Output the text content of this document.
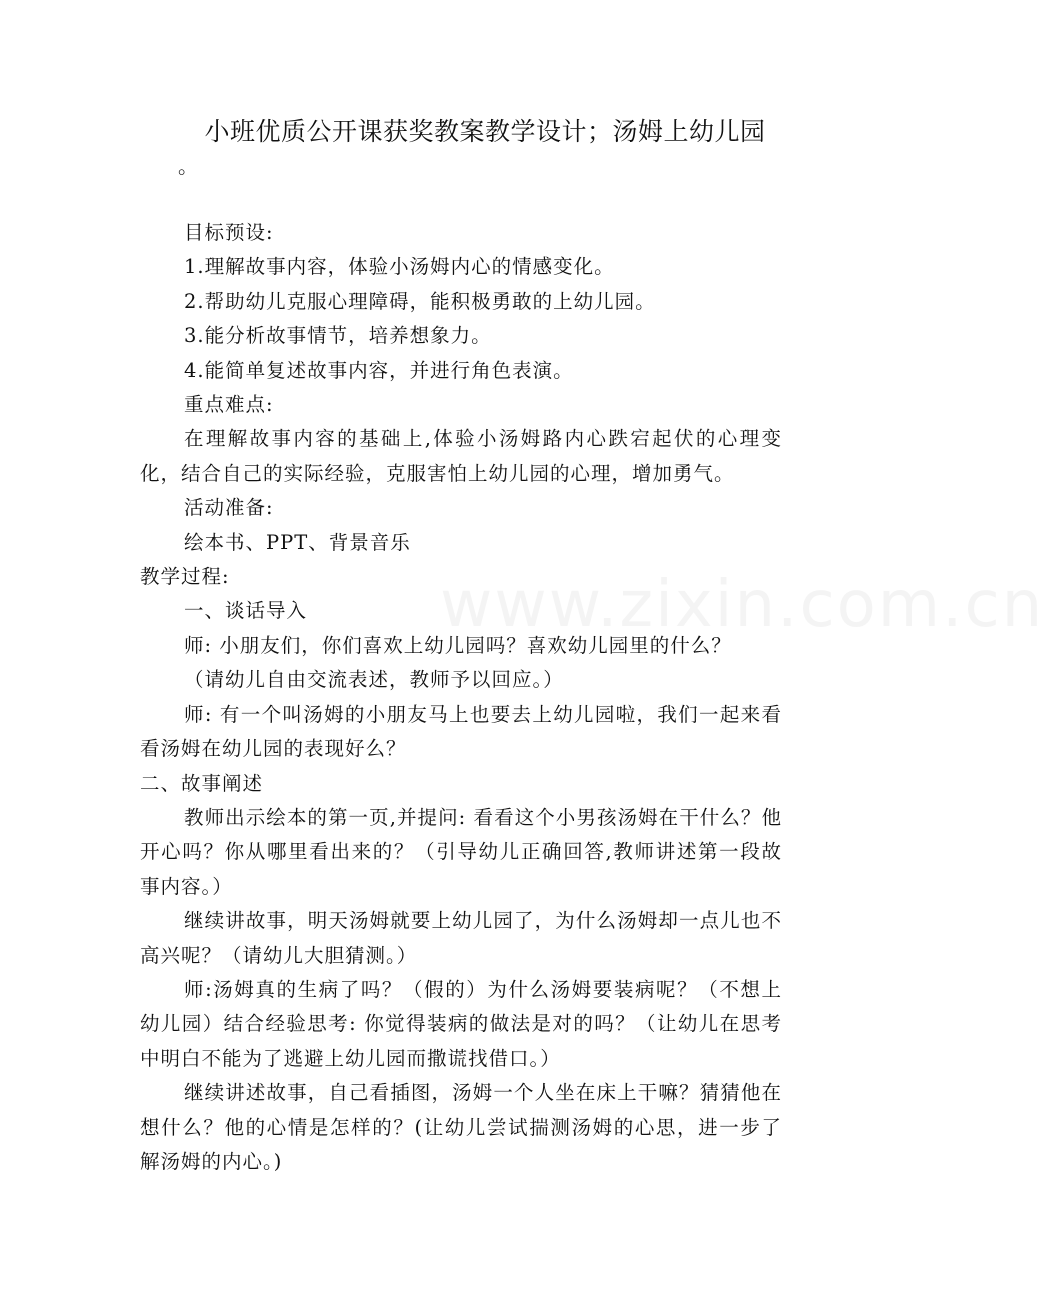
小班优质公开课获奖教案教学设计；汤姆上幼儿园
。
www.zixin.com.cn

目标预设:

1.理解故事内容，体验小汤姆内心的情感变化。

2.帮助幼儿克服心理障碍，能积极勇敢的上幼儿园。

3.能分析故事情节，培养想象力。

4.能简单复述故事内容，并进行角色表演。

重点难点:

在理解故事内容的基础上,体验小汤姆路内心跌宕起伏的心理变化，结合自己的实际经验，克服害怕上幼儿园的心理，增加勇气。

活动准备:

绘本书、PPT、背景音乐

教学过程:

一、谈话导入

师: 小朋友们，你们喜欢上幼儿园吗？喜欢幼儿园里的什么？

（请幼儿自由交流表述，教师予以回应。）

师: 有一个叫汤姆的小朋友马上也要去上幼儿园啦，我们一起来看看汤姆在幼儿园的表现好么？

二、故事阐述

教师出示绘本的第一页,并提问: 看看这个小男孩汤姆在干什么？他开心吗？你从哪里看出来的？（引导幼儿正确回答,教师讲述第一段故事内容。）

继续讲故事，明天汤姆就要上幼儿园了，为什么汤姆却一点儿也不高兴呢？（请幼儿大胆猜测。）

师:汤姆真的生病了吗？（假的）为什么汤姆要装病呢？（不想上幼儿园）结合经验思考: 你觉得装病的做法是对的吗？（让幼儿在思考中明白不能为了逃避上幼儿园而撒谎找借口。）

继续讲述故事，自己看插图，汤姆一个人坐在床上干嘛？猜猜他在想什么？他的心情是怎样的？(让幼儿尝试揣测汤姆的心思，进一步了解汤姆的内心。)
